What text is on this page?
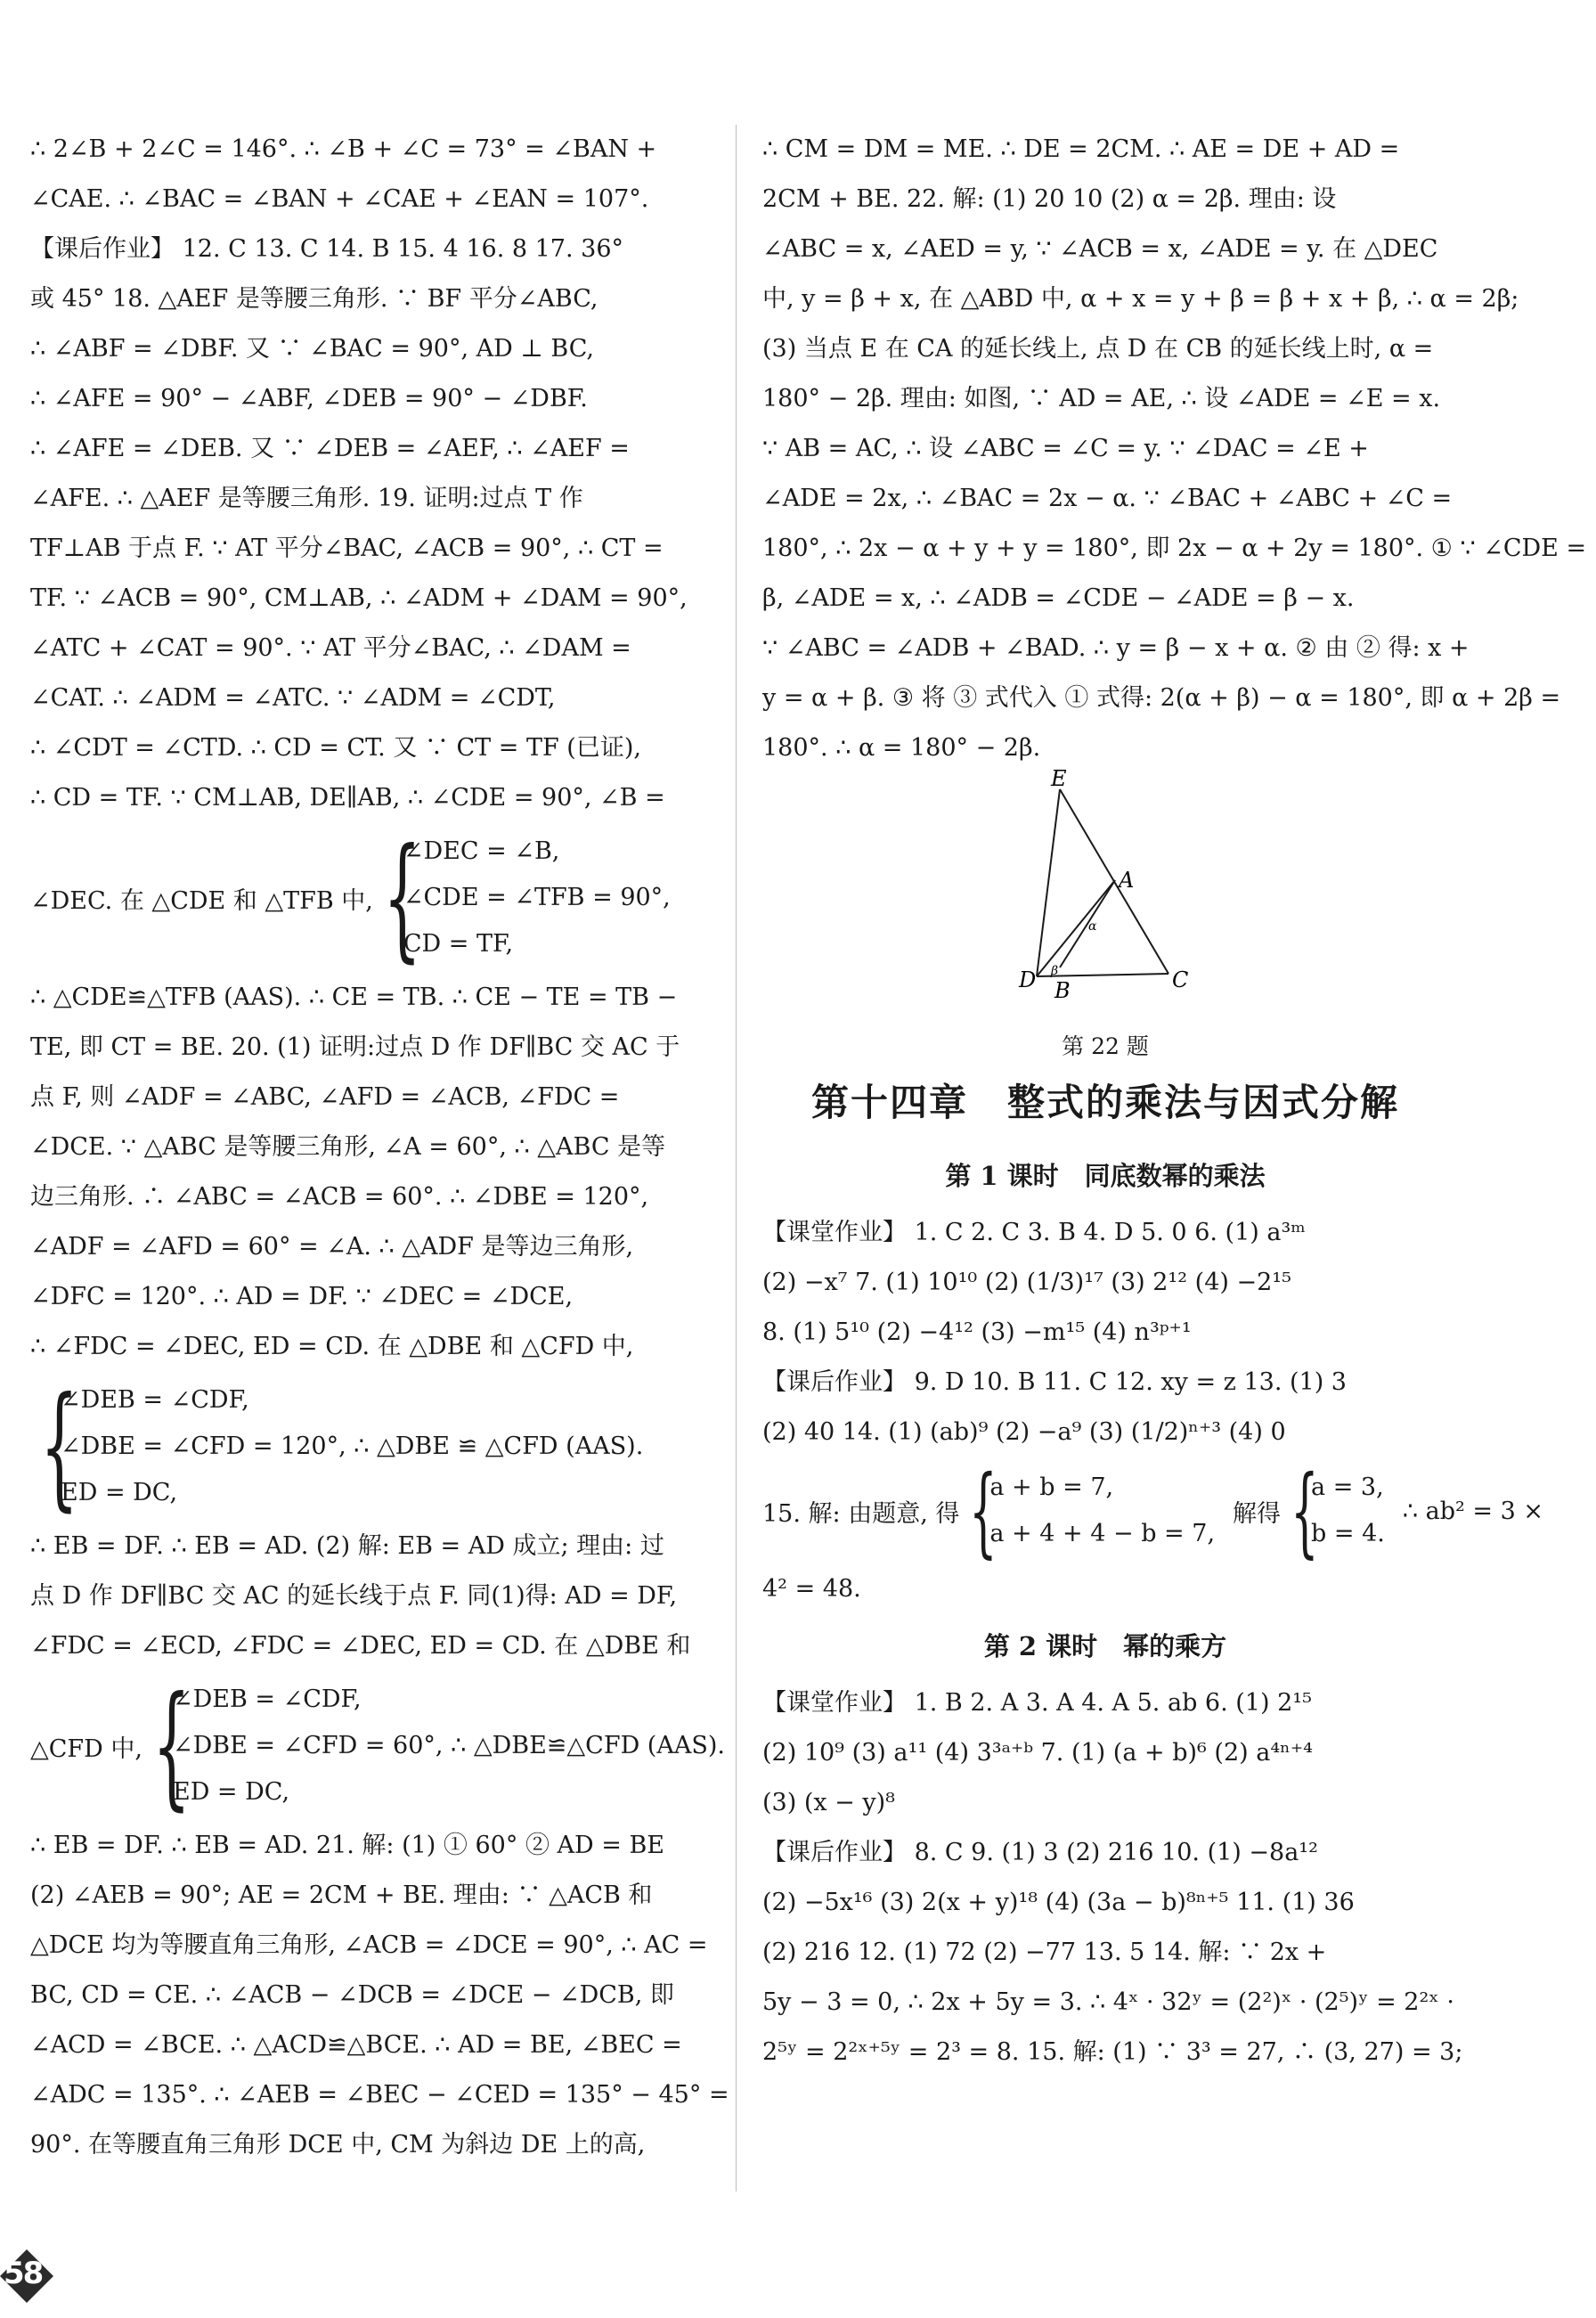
∴ 2∠B + 2∠C = 146°. ∴ ∠B + ∠C = 73° = ∠BAN +
∠CAE. ∴ ∠BAC = ∠BAN + ∠CAE + ∠EAN = 107°.
【课后作业】 12. C 13. C 14. B 15. 4 16. 8 17. 36°
或 45° 18. △AEF 是等腰三角形. ∵ BF 平分∠ABC,
∴ ∠ABF = ∠DBF. 又 ∵ ∠BAC = 90°, AD ⊥ BC,
∴ ∠AFE = 90° − ∠ABF, ∠DEB = 90° − ∠DBF.
∴ ∠AFE = ∠DEB. 又 ∵ ∠DEB = ∠AEF, ∴ ∠AEF =
∠AFE. ∴ △AEF 是等腰三角形. 19. 证明:过点 T 作
TF⊥AB 于点 F. ∵ AT 平分∠BAC, ∠ACB = 90°, ∴ CT =
TF. ∵ ∠ACB = 90°, CM⊥AB, ∴ ∠ADM + ∠DAM = 90°,
∠ATC + ∠CAT = 90°. ∵ AT 平分∠BAC, ∴ ∠DAM =
∠CAT. ∴ ∠ADM = ∠ATC. ∵ ∠ADM = ∠CDT,
∴ ∠CDT = ∠CTD. ∴ CD = CT. 又 ∵ CT = TF (已证),
∴ CD = TF. ∵ CM⊥AB, DE∥AB, ∴ ∠CDE = 90°, ∠B =
∠DEC. 在 △CDE 和 △TFB 中, {
∠DEC = ∠B,
∠CDE = ∠TFB = 90°,
CD = TF,
∴ △CDE≌△TFB (AAS). ∴ CE = TB. ∴ CE − TE = TB −
TE, 即 CT = BE. 20. (1) 证明:过点 D 作 DF∥BC 交 AC 于
点 F, 则 ∠ADF = ∠ABC, ∠AFD = ∠ACB, ∠FDC =
∠DCE. ∵ △ABC 是等腰三角形, ∠A = 60°, ∴ △ABC 是等
边三角形. ∴ ∠ABC = ∠ACB = 60°. ∴ ∠DBE = 120°,
∠ADF = ∠AFD = 60° = ∠A. ∴ △ADF 是等边三角形,
∠DFC = 120°. ∴ AD = DF. ∵ ∠DEC = ∠DCE,
∴ ∠FDC = ∠DEC, ED = CD. 在 △DBE 和 △CFD 中,
{
∠DEB = ∠CDF,
∠DBE = ∠CFD = 120°, ∴ △DBE ≌ △CFD (AAS).
ED = DC,
∴ EB = DF. ∴ EB = AD. (2) 解: EB = AD 成立; 理由: 过
点 D 作 DF∥BC 交 AC 的延长线于点 F. 同(1)得: AD = DF,
∠FDC = ∠ECD, ∠FDC = ∠DEC, ED = CD. 在 △DBE 和
△CFD 中, {
∠DEB = ∠CDF,
∠DBE = ∠CFD = 60°, ∴ △DBE≌△CFD (AAS).
ED = DC,
∴ EB = DF. ∴ EB = AD. 21. 解: (1) ① 60° ② AD = BE
(2) ∠AEB = 90°; AE = 2CM + BE. 理由: ∵ △ACB 和
△DCE 均为等腰直角三角形, ∠ACB = ∠DCE = 90°, ∴ AC =
BC, CD = CE. ∴ ∠ACB − ∠DCB = ∠DCE − ∠DCB, 即
∠ACD = ∠BCE. ∴ △ACD≌△BCE. ∴ AD = BE, ∠BEC =
∠ADC = 135°. ∴ ∠AEB = ∠BEC − ∠CED = 135° − 45° =
90°. 在等腰直角三角形 DCE 中, CM 为斜边 DE 上的高,
∴ CM = DM = ME. ∴ DE = 2CM. ∴ AE = DE + AD =
2CM + BE. 22. 解: (1) 20 10 (2) α = 2β. 理由: 设
∠ABC = x, ∠AED = y, ∵ ∠ACB = x, ∠ADE = y. 在 △DEC
中, y = β + x, 在 △ABD 中, α + x = y + β = β + x + β, ∴ α = 2β;
(3) 当点 E 在 CA 的延长线上, 点 D 在 CB 的延长线上时, α =
180° − 2β. 理由: 如图, ∵ AD = AE, ∴ 设 ∠ADE = ∠E = x.
∵ AB = AC, ∴ 设 ∠ABC = ∠C = y. ∵ ∠DAC = ∠E +
∠ADE = 2x, ∴ ∠BAC = 2x − α. ∵ ∠BAC + ∠ABC + ∠C =
180°, ∴ 2x − α + y + y = 180°, 即 2x − α + 2y = 180°. ① ∵ ∠CDE =
β, ∠ADE = x, ∴ ∠ADB = ∠CDE − ∠ADE = β − x.
∵ ∠ABC = ∠ADB + ∠BAD. ∴ y = β − x + α. ② 由 ② 得: x +
y = α + β. ③ 将 ③ 式代入 ① 式得: 2(α + β) − α = 180°, 即 α + 2β =
180°. ∴ α = 180° − 2β.
E
A
D B	C
α
β
第 22 题
第十四章　整式的乘法与因式分解
第 1 课时　同底数幂的乘法
【课堂作业】 1. C 2. C 3. B 4. D 5. 0 6. (1) a³ᵐ
(2) −x⁷ 7. (1) 10¹⁰ (2) (1/3)¹⁷ (3) 2¹² (4) −2¹⁵
8. (1) 5¹⁰ (2) −4¹² (3) −m¹⁵ (4) n³ᵖ⁺¹
【课后作业】 9. D 10. B 11. C 12. xy = z 13. (1) 3
(2) 40 14. (1) (ab)⁹ (2) −a⁹ (3) (1/2)ⁿ⁺³ (4) 0
15. 解: 由题意, 得 {
a + b = 7,
a + 4 + 4 − b = 7,
解得 {
a = 3,
b = 4.
∴ ab² = 3 ×
4² = 48.
第 2 课时　幂的乘方
【课堂作业】 1. B 2. A 3. A 4. A 5. ab 6. (1) 2¹⁵
(2) 10⁹ (3) a¹¹ (4) 3³ᵃ⁺ᵇ 7. (1) (a + b)⁶ (2) a⁴ⁿ⁺⁴
(3) (x − y)⁸
【课后作业】 8. C 9. (1) 3 (2) 216 10. (1) −8a¹²
(2) −5x¹⁶ (3) 2(x + y)¹⁸ (4) (3a − b)⁸ⁿ⁺⁵ 11. (1) 36
(2) 216 12. (1) 72 (2) −77 13. 5 14. 解: ∵ 2x +
5y − 3 = 0, ∴ 2x + 5y = 3. ∴ 4ˣ · 32ʸ = (2²)ˣ · (2⁵)ʸ = 2²ˣ ·
2⁵ʸ = 2²ˣ⁺⁵ʸ = 2³ = 8. 15. 解: (1) ∵ 3³ = 27, ∴ (3, 27) = 3;
58
